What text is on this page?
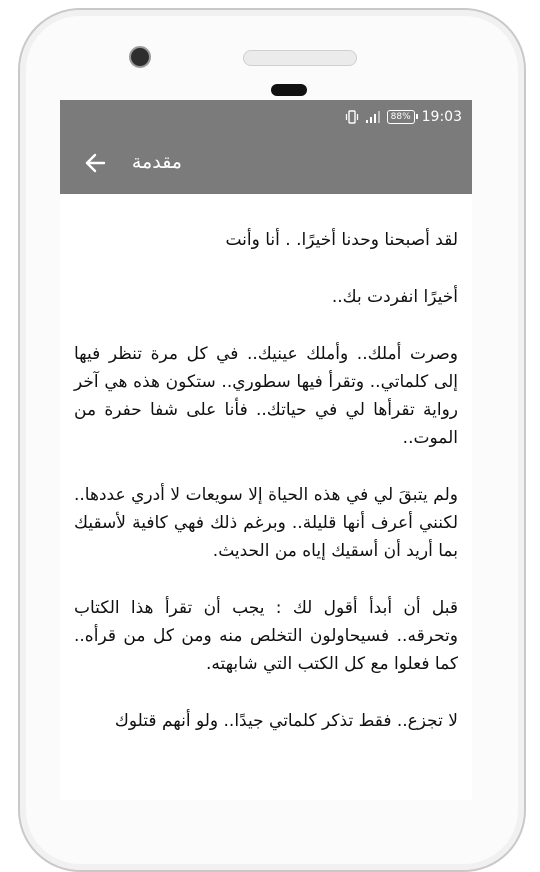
88% 19:03
مقدمة

لقد أصبحنا وحدنا أخيرًا. . أنا وأنت

أخيرًا انفردت بك..

وصرت أملك.. وأملك عينيك.. في كل مرة تنظر فيها إلى كلماتي.. وتقرأ فيها سطوري.. ستكون هذه هي آخر رواية تقرأها لي في حياتك.. فأنا على شفا حفرة من الموت..

ولم يتبقَ لي في هذه الحياة إلا سويعات لا أدري عددها.. لكنني أعرف أنها قليلة.. وبرغم ذلك فهي كافية لأسقيك بما أريد أن أسقيك إياه من الحديث.

قبل أن أبدأ أقول لك : يجب أن تقرأ هذا الكتاب وتحرقه.. فسيحاولون التخلص منه ومن كل من قرأه.. كما فعلوا مع كل الكتب التي شابهته.

لا تجزع.. فقط تذكر كلماتي جيدًا.. ولو أنهم قتلوك
